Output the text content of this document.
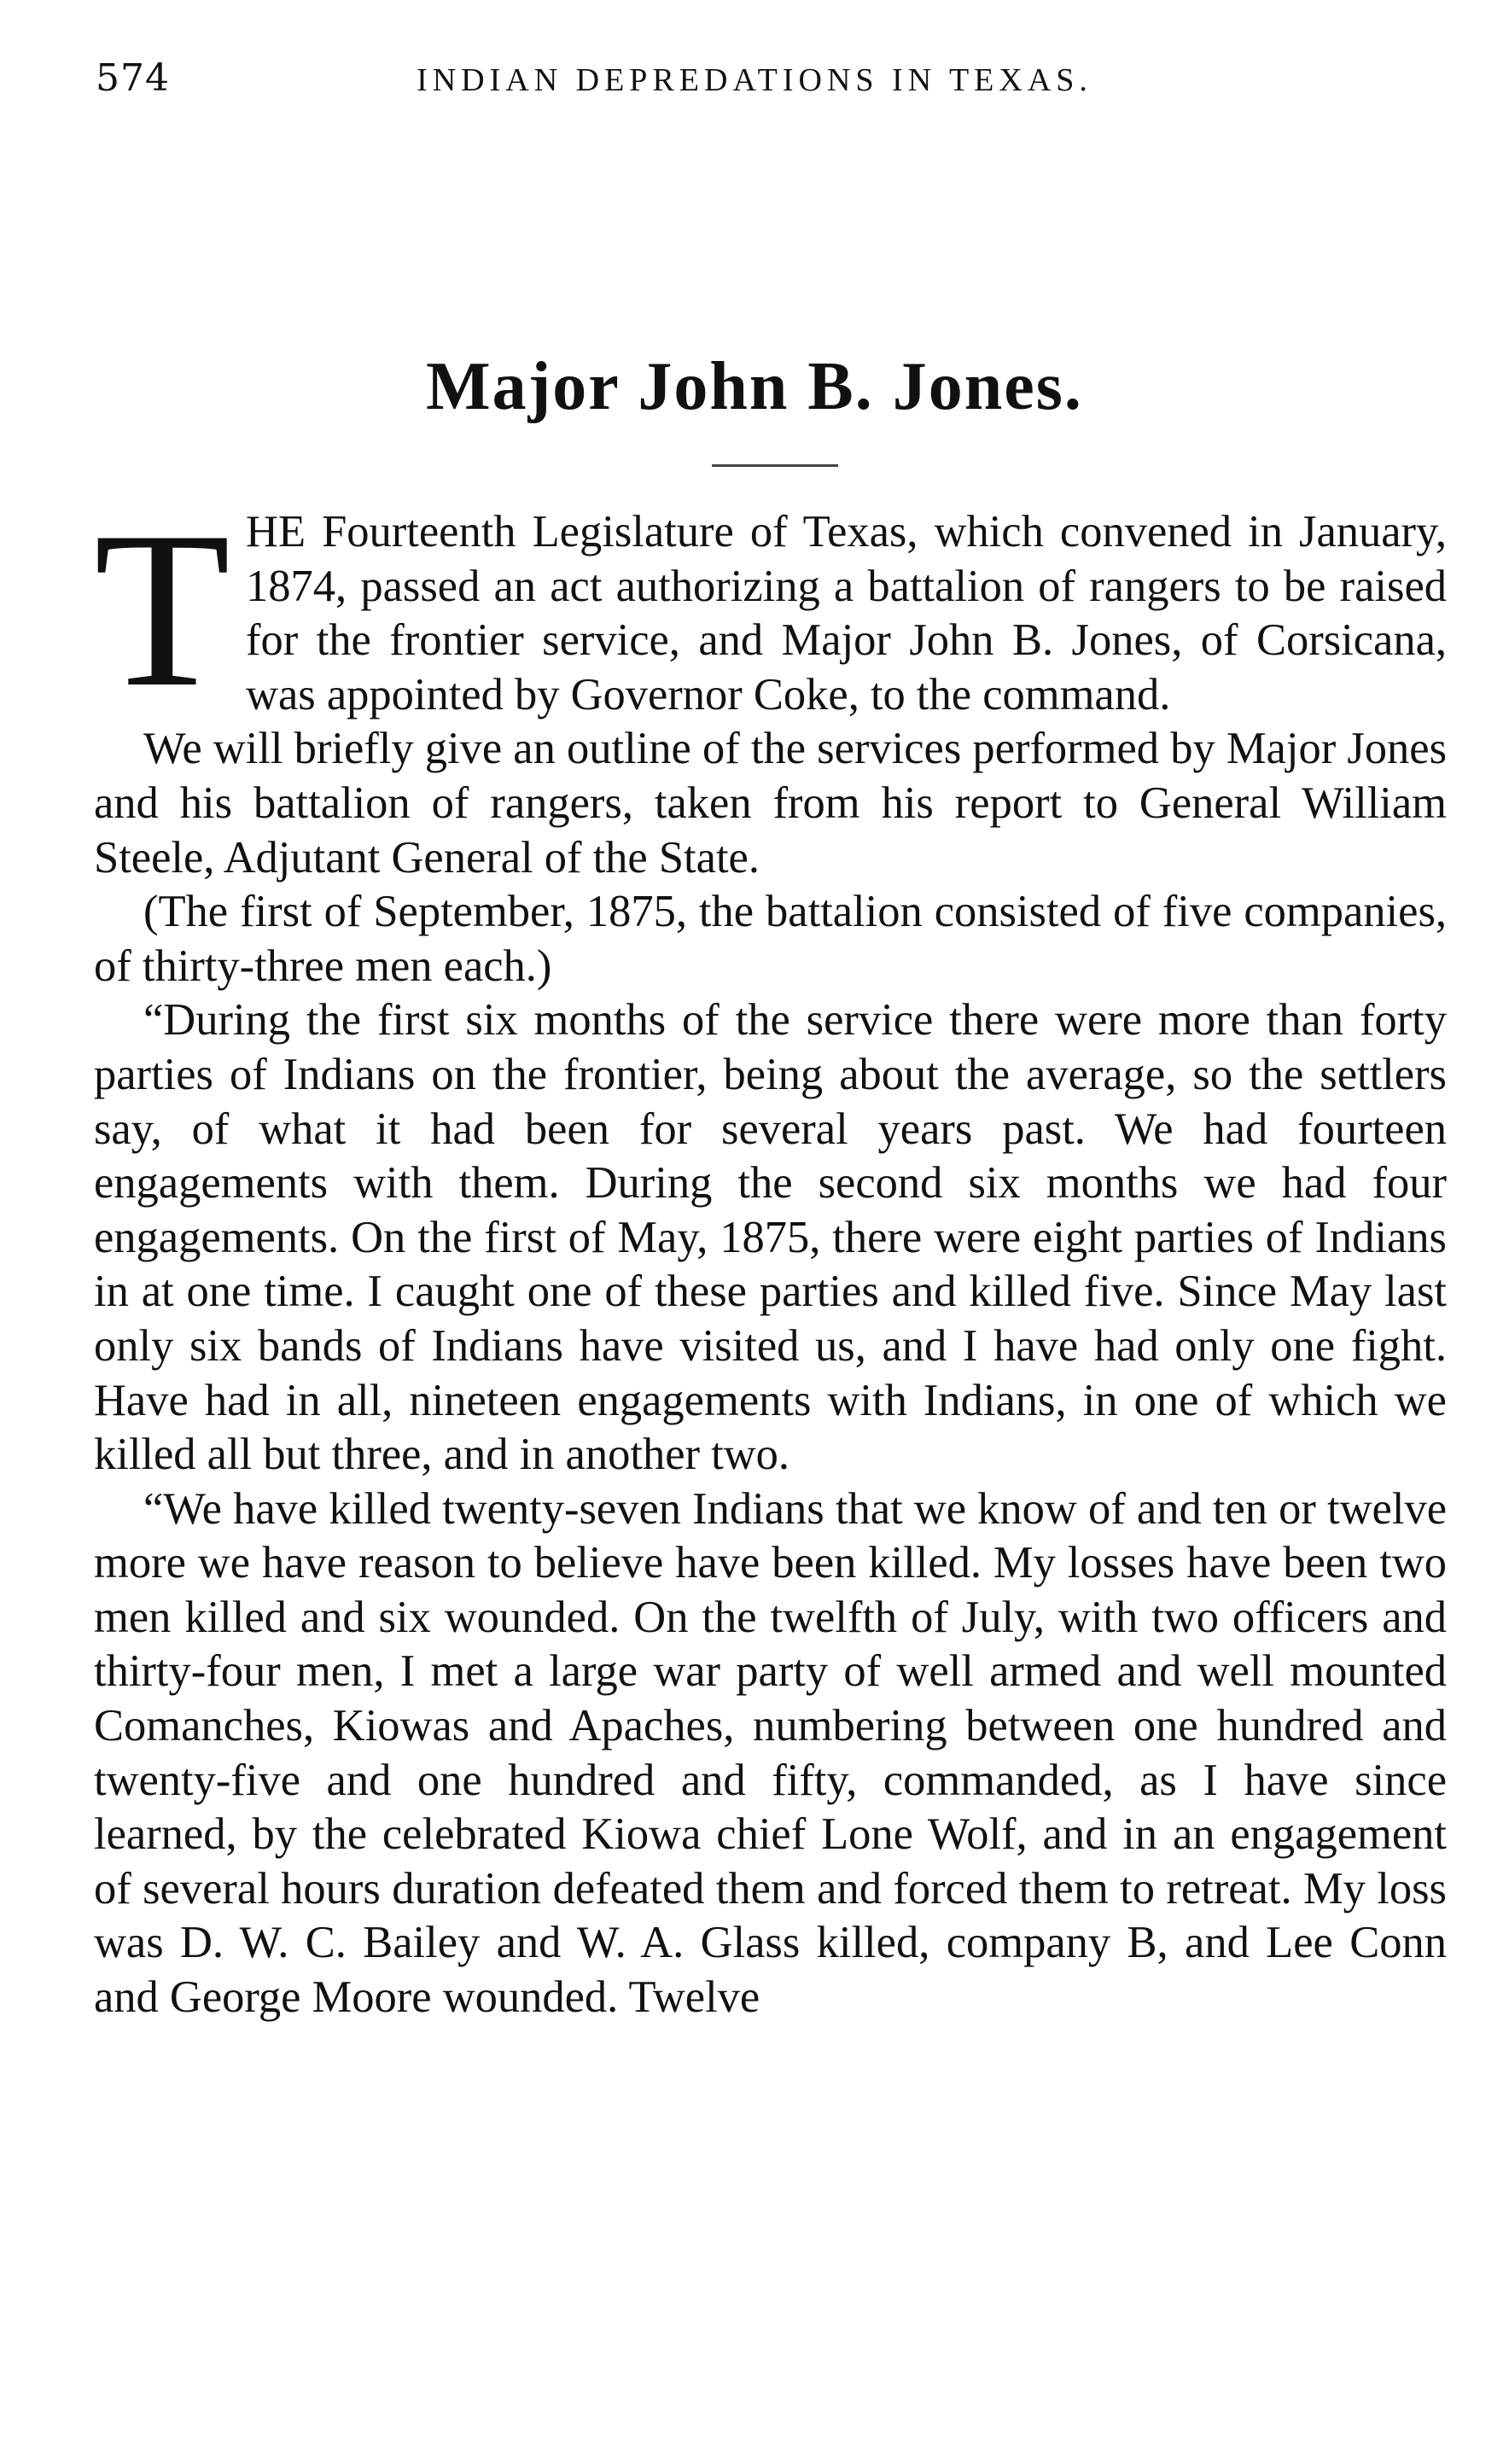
574	INDIAN DEPREDATIONS IN TEXAS.
Major John B. Jones.

THE Fourteenth Legislature of Texas, which convened in January, 1874, passed an act authorizing a battalion of rangers to be raised for the frontier service, and Major John B. Jones, of Corsicana, was appointed by Governor Coke, to the command.

We will briefly give an outline of the services performed by Major Jones and his battalion of rangers, taken from his report to General William Steele, Adjutant General of the State.

(The first of September, 1875, the battalion consisted of five companies, of thirty-three men each.)

“During the first six months of the service there were more than forty parties of Indians on the frontier, being about the average, so the settlers say, of what it had been for several years past. We had fourteen engagements with them. During the second six months we had four engagements. On the first of May, 1875, there were eight parties of Indians in at one time. I caught one of these parties and killed five. Since May last only six bands of Indians have visited us, and I have had only one fight. Have had in all, nineteen engagements with Indians, in one of which we killed all but three, and in another two.

“We have killed twenty-seven Indians that we know of and ten or twelve more we have reason to believe have been killed. My losses have been two men killed and six wounded. On the twelfth of July, with two officers and thirty-four men, I met a large war party of well armed and well mounted Comanches, Kiowas and Apaches, numbering between one hundred and twenty-five and one hundred and fifty, commanded, as I have since learned, by the celebrated Kiowa chief Lone Wolf, and in an engagement of several hours duration defeated them and forced them to retreat. My loss was D. W. C. Bailey and W. A. Glass killed, company B, and Lee Conn and George Moore wounded. Twelve
